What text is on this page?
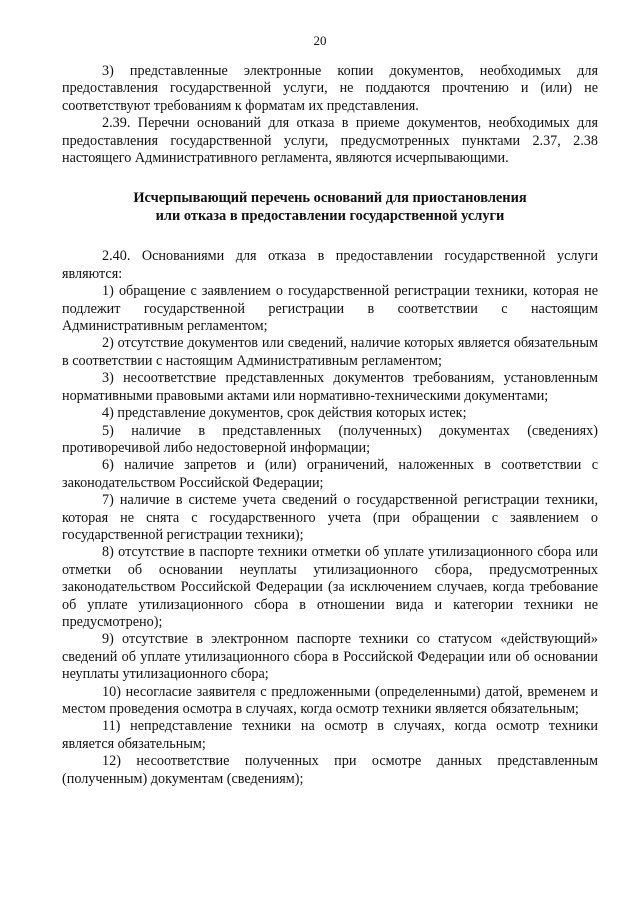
20

3) представленные электронные копии документов, необходимых для предоставления государственной услуги, не поддаются прочтению и (или) не соответствуют требованиям к форматам их представления.

2.39. Перечни оснований для отказа в приеме документов, необходимых для предоставления государственной услуги, предусмотренных пунктами 2.37, 2.38 настоящего Административного регламента, являются исчерпывающими.

Исчерпывающий перечень оснований для приостановления
или отказа в предоставлении государственной услуги

2.40. Основаниями для отказа в предоставлении государственной услуги являются:

1) обращение с заявлением о государственной регистрации техники, которая не подлежит государственной регистрации в соответствии с настоящим Административным регламентом;

2) отсутствие документов или сведений, наличие которых является обязательным в соответствии с настоящим Административным регламентом;

3) несоответствие представленных документов требованиям, установленным нормативными правовыми актами или нормативно-техническими документами;

4) представление документов, срок действия которых истек;

5) наличие в представленных (полученных) документах (сведениях) противоречивой либо недостоверной информации;

6) наличие запретов и (или) ограничений, наложенных в соответствии с законодательством Российской Федерации;

7) наличие в системе учета сведений о государственной регистрации техники, которая не снята с государственного учета (при обращении с заявлением о государственной регистрации техники);

8) отсутствие в паспорте техники отметки об уплате утилизационного сбора или отметки об основании неуплаты утилизационного сбора, предусмотренных законодательством Российской Федерации (за исключением случаев, когда требование об уплате утилизационного сбора в отношении вида и категории техники не предусмотрено);

9) отсутствие в электронном паспорте техники со статусом «действующий» сведений об уплате утилизационного сбора в Российской Федерации или об основании неуплаты утилизационного сбора;

10) несогласие заявителя с предложенными (определенными) датой, временем и местом проведения осмотра в случаях, когда осмотр техники является обязательным;

11) непредставление техники на осмотр в случаях, когда осмотр техники является обязательным;

12) несоответствие полученных при осмотре данных представленным (полученным) документам (сведениям);
